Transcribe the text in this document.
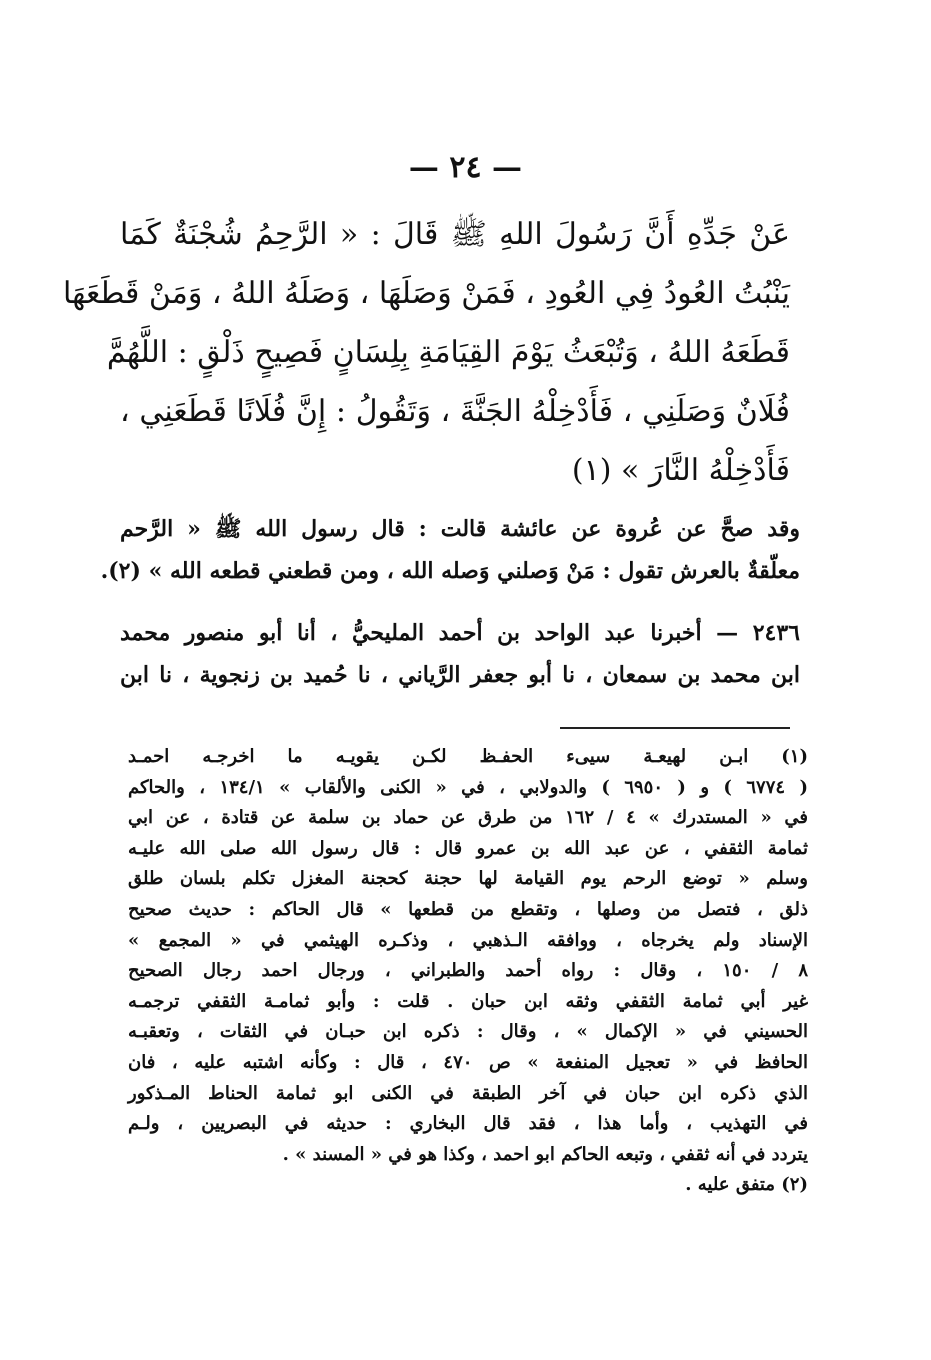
— ٢٤ —
عَنْ جَدِّهِ أَنَّ رَسُولَ اللهِ ﷺ قَالَ : « الرَّحِمُ شُجْنَةٌ كَمَا
يَنْبُتُ العُودُ فِي العُودِ ، فَمَنْ وَصَلَهَا ، وَصَلَهُ اللهُ ، وَمَنْ قَطَعَهَا
قَطَعَهُ اللهُ ، وَتُبْعَثُ يَوْمَ القِيَامَةِ بِلِسَانٍ فَصِيحٍ ذَلْقٍ : اللَّهُمَّ
فُلَانٌ وَصَلَنِي ، فَأَدْخِلْهُ الجَنَّةَ ، وَتَقُولُ : إِنَّ فُلَانًا قَطَعَنِي ،
فَأَدْخِلْهُ النَّارَ » (١)
وقد صحَّ عن عُروة عن عائشة قالت : قال رسول الله ﷺ « الرَّحم
معلّقةٌ بالعرش تقول : مَنْ وَصلني وَصله الله ، ومن قطعني قطعه الله » (٢).
٢٤٣٦ — أخبرنا عبد الواحد بن أحمد المليحيُّ ، أنا أبو منصور محمد
ابن محمد بن سمعان ، نا أبو جعفر الرَّياني ، نا حُميد بن زنجوية ، نا ابن
(١) ابـن لهيعـة سيىء الحفـظ لكـن يقويـه ما اخرجـه احمـد
( ٦٧٧٤ ) و ( ٦٩٥٠ ) والدولابي ، في « الكنى والألقاب » ١٣٤/١ ، والحاكم
في « المستدرك » ٤ / ١٦٢ من طرق عن حماد بن سلمة عن قتادة ، عن ابي
ثمامة الثقفي ، عن عبد الله بن عمرو قال : قال رسول الله صلى الله عليـه
وسلم « توضع الرحم يوم القيامة لها حجنة كحجنة المغزل تكلم بلسان طلق
ذلق ، فتصل من وصلها ، وتقطع من قطعها » قال الحاكم : حديث صحيح
الإسناد ولم يخرجاه ، ووافقه الـذهبي ، وذكـره الهيثمي في « المجمع »
٨ / ١٥٠ ، وقال : رواه أحمد والطبراني ، ورجال احمد رجال الصحيح
غير أبي ثمامة الثقفي وثقه ابن حبان . قلت : وأبو ثمامـة الثقفي ترجمـه
الحسيني في « الإكمال » ، وقال : ذكره ابن حبـان في الثقات ، وتعقبـه
الحافظ في « تعجيل المنفعة » ص ٤٧٠ ، قال : وكأنه اشتبه عليه ، فان
الذي ذكره ابن حبان في آخر الطبقة في الكنى ابو ثمامة الحناط المـذكور
في التهذيب ، وأما هذا ، فقد قال البخاري : حديثه في البصريين ، ولـم
يتردد في أنه ثقفي ، وتبعه الحاكم ابو احمد ، وكذا هو في « المسند » .
(٢) متفق عليه .
